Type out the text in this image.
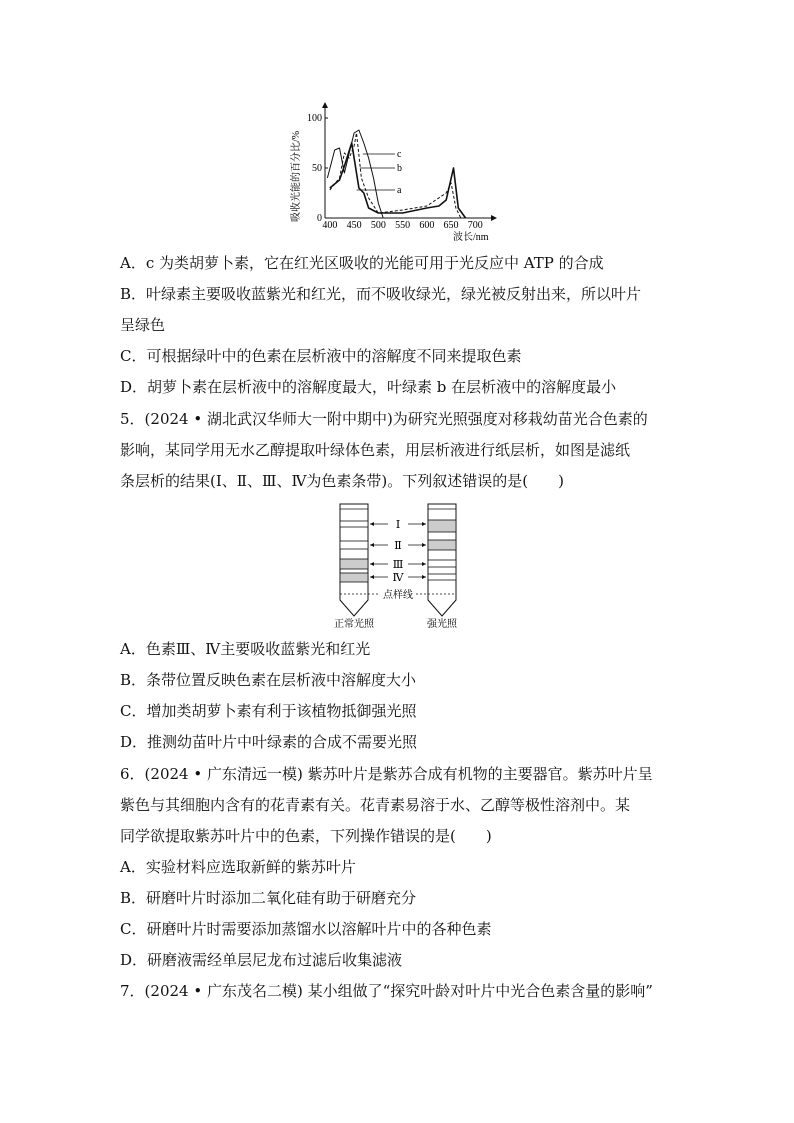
吸收光能的百分比/% 0
50
100
400 450 500 550 600 650 700
c
b
a
波长/nm
A．c 为类胡萝卜素，它在红光区吸收的光能可用于光反应中 ATP 的合成
B．叶绿素主要吸收蓝紫光和红光，而不吸收绿光，绿光被反射出来，所以叶片
呈绿色
C．可根据绿叶中的色素在层析液中的溶解度不同来提取色素
D．胡萝卜素在层析液中的溶解度最大，叶绿素 b 在层析液中的溶解度最小
5．(2024 • 湖北武汉华师大一附中期中)为研究光照强度对移栽幼苗光合色素的
影响，某同学用无水乙醇提取叶绿体色素，用层析液进行纸层析，如图是滤纸
条层析的结果(Ⅰ、Ⅱ、Ⅲ、Ⅳ为色素条带)。下列叙述错误的是(　　)
Ⅰ
Ⅱ
Ⅲ
Ⅳ
点样线
正常光照	强光照
A．色素Ⅲ、Ⅳ主要吸收蓝紫光和红光
B．条带位置反映色素在层析液中溶解度大小
C．增加类胡萝卜素有利于该植物抵御强光照
D．推测幼苗叶片中叶绿素的合成不需要光照
6．(2024 • 广东清远一模) 紫苏叶片是紫苏合成有机物的主要器官。紫苏叶片呈
紫色与其细胞内含有的花青素有关。花青素易溶于水、乙醇等极性溶剂中。某
同学欲提取紫苏叶片中的色素，下列操作错误的是(　　)
A．实验材料应选取新鲜的紫苏叶片
B．研磨叶片时添加二氧化硅有助于研磨充分
C．研磨叶片时需要添加蒸馏水以溶解叶片中的各种色素
D．研磨液需经单层尼龙布过滤后收集滤液
7．(2024 • 广东茂名二模) 某小组做了“探究叶龄对叶片中光合色素含量的影响”
